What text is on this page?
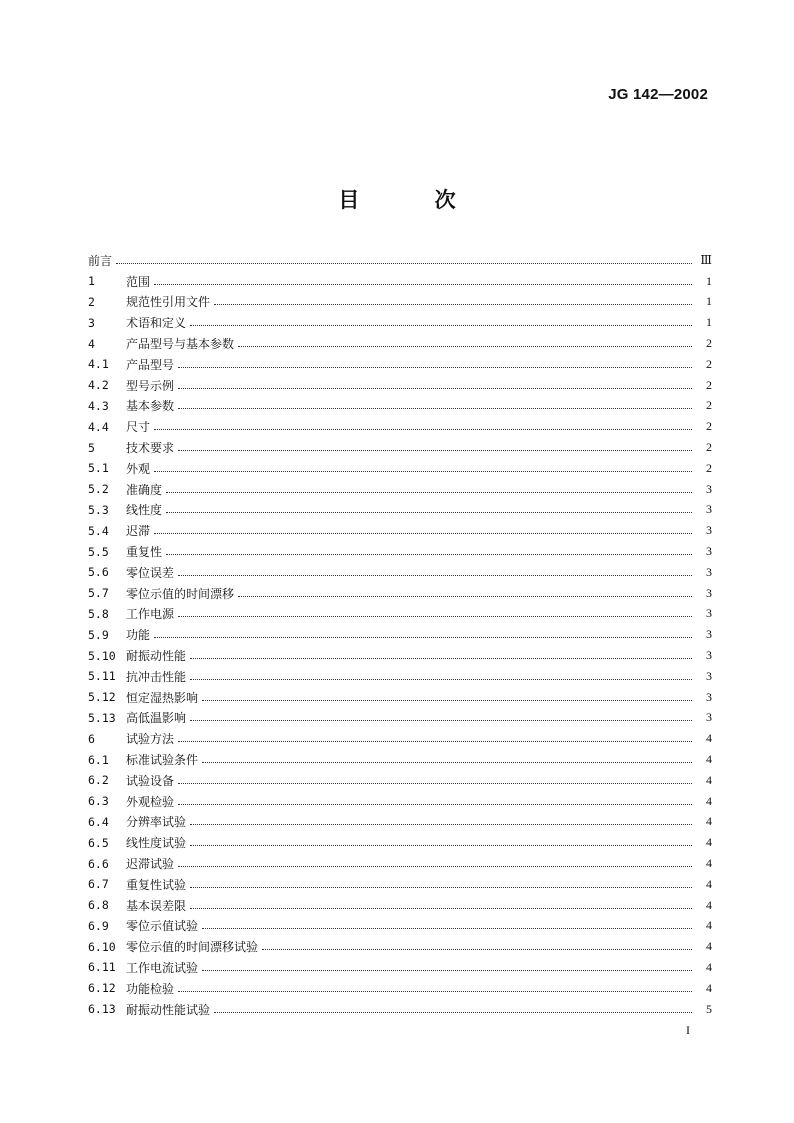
JG 142—2002
目 次
前言	Ⅲ
1	范围	1
2	规范性引用文件	1
3	术语和定义	1
4	产品型号与基本参数	2
4.1	产品型号	2
4.2	型号示例	2
4.3	基本参数	2
4.4	尺寸	2
5	技术要求	2
5.1	外观	2
5.2	准确度	3
5.3	线性度	3
5.4	迟滞	3
5.5	重复性	3
5.6	零位误差	3
5.7	零位示值的时间漂移	3
5.8	工作电源	3
5.9	功能	3
5.10 耐振动性能	3
5.11 抗冲击性能	3
5.12 恒定湿热影响	3
5.13 高低温影响	3
6	试验方法	4
6.1	标准试验条件	4
6.2	试验设备	4
6.3	外观检验	4
6.4	分辨率试验	4
6.5	线性度试验	4
6.6	迟滞试验	4
6.7	重复性试验	4
6.8	基本误差限	4
6.9	零位示值试验	4
6.10 零位示值的时间漂移试验	4
6.11 工作电流试验	4
6.12 功能检验	4
6.13 耐振动性能试验	5
I
